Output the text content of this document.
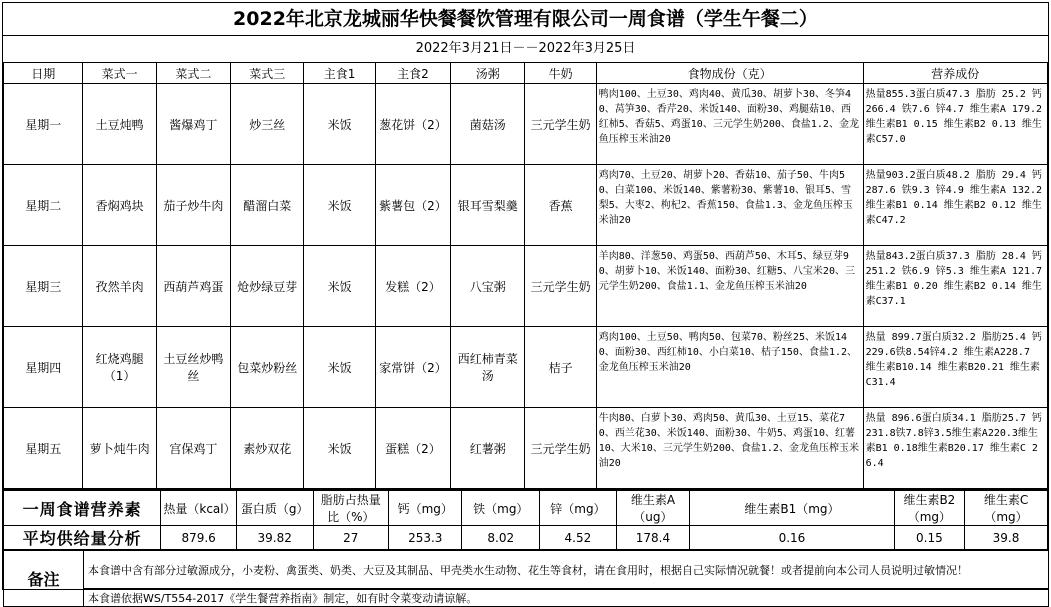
2022年北京龙城丽华快餐餐饮管理有限公司一周食谱（学生午餐二）
2022年3月21日－－2022年3月25日
日期	菜式一	菜式二	菜式三	主食1	主食2	汤粥	牛奶	食物成份（克）	营养成份
星期一	土豆炖鸭	酱爆鸡丁	炒三丝	米饭	葱花饼（2）	菌菇汤	三元学生奶	鸭肉100、土豆30、鸡肉40、黄瓜30、胡萝卜30、冬笋40、莴笋30、香芹20、米饭140、面粉30、鸡腿菇10、西红柿5、香菇5、鸡蛋10、三元学生奶200、食盐1.2、金龙鱼压榨玉米油20	热量855.3蛋白质47.3 脂肪 25.2 钙 266.4 铁7.6 锌4.7 维生素A 179.2 维生素B1 0.15 维生素B2 0.13 维生素C57.0
星期二	香焖鸡块	茄子炒牛肉	醋溜白菜	米饭	紫薯包（2）	银耳雪梨羹	香蕉	鸡肉70、土豆20、胡萝卜20、香菇10、茄子50、牛肉50、白菜100、米饭140、紫薯粉30、紫薯10、银耳5、雪梨5、大枣2、枸杞2、香蕉150、食盐1.3、金龙鱼压榨玉米油20	热量903.2蛋白质48.2 脂肪 29.4 钙 287.6 铁9.3 锌4.9 维生素A 132.2 维生素B1 0.14 维生素B2 0.12 维生素C47.2
星期三	孜然羊肉	西葫芦鸡蛋	炝炒绿豆芽	米饭	发糕（2）	八宝粥	三元学生奶	羊肉80、洋葱50、鸡蛋50、西葫芦50、木耳5、绿豆芽90、胡萝卜10、米饭140、面粉30、红糖5、八宝米20、三元学生奶200、食盐1.1、金龙鱼压榨玉米油20	热量843.2蛋白质37.3 脂肪 28.4 钙 251.2 铁6.9 锌5.3 维生素A 121.7 维生素B1 0.20 维生素B2 0.14 维生素C37.1
星期四	红烧鸡腿（1）	土豆丝炒鸭丝	包菜炒粉丝	米饭	家常饼（2）	西红柿青菜汤	桔子	鸡肉100、土豆50、鸭肉50、包菜70、粉丝25、米饭140、面粉30、西红柿10、小白菜10、桔子150、食盐1.2、金龙鱼压榨玉米油20	热量 899.7蛋白质32.2 脂肪25.4 钙229.6铁8.54锌4.2 维生素A228.7 维生素B10.14 维生素B20.21 维生素C31.4
星期五	萝卜炖牛肉	宫保鸡丁	素炒双花	米饭	蛋糕（2）	红薯粥	三元学生奶	牛肉80、白萝卜30、鸡肉50、黄瓜30、土豆15、菜花70、西兰花30、米饭140、面粉30、牛奶5、鸡蛋10、红薯10、大米10、三元学生奶200、食盐1.2、金龙鱼压榨玉米油20	热量 896.6蛋白质34.1 脂肪25.7 钙231.8铁7.8锌3.5维生素A220.3维生素B1 0.18维生素B20.17 维生素C 26.4
一周食谱营养素	热量（kcal）	蛋白质（g）	脂肪占热量比（%）	钙（mg）	铁（mg）	锌（mg）	维生素A（ug）	维生素B1（mg）	维生素B2（mg）	维生素C（mg）
平均供给量分析	879.6	39.82	27	253.3	8.02	4.52	178.4	0.16	0.15	39.8
备注	本食谱中含有部分过敏源成分，小麦粉、禽蛋类、奶类、大豆及其制品、甲壳类水生动物、花生等食材，请在食用时，根据自己实际情况就餐！或者提前向本公司人员说明过敏情况！
本食谱依据WS/T554-2017《学生餐营养指南》制定，如有时令菜变动请谅解。
